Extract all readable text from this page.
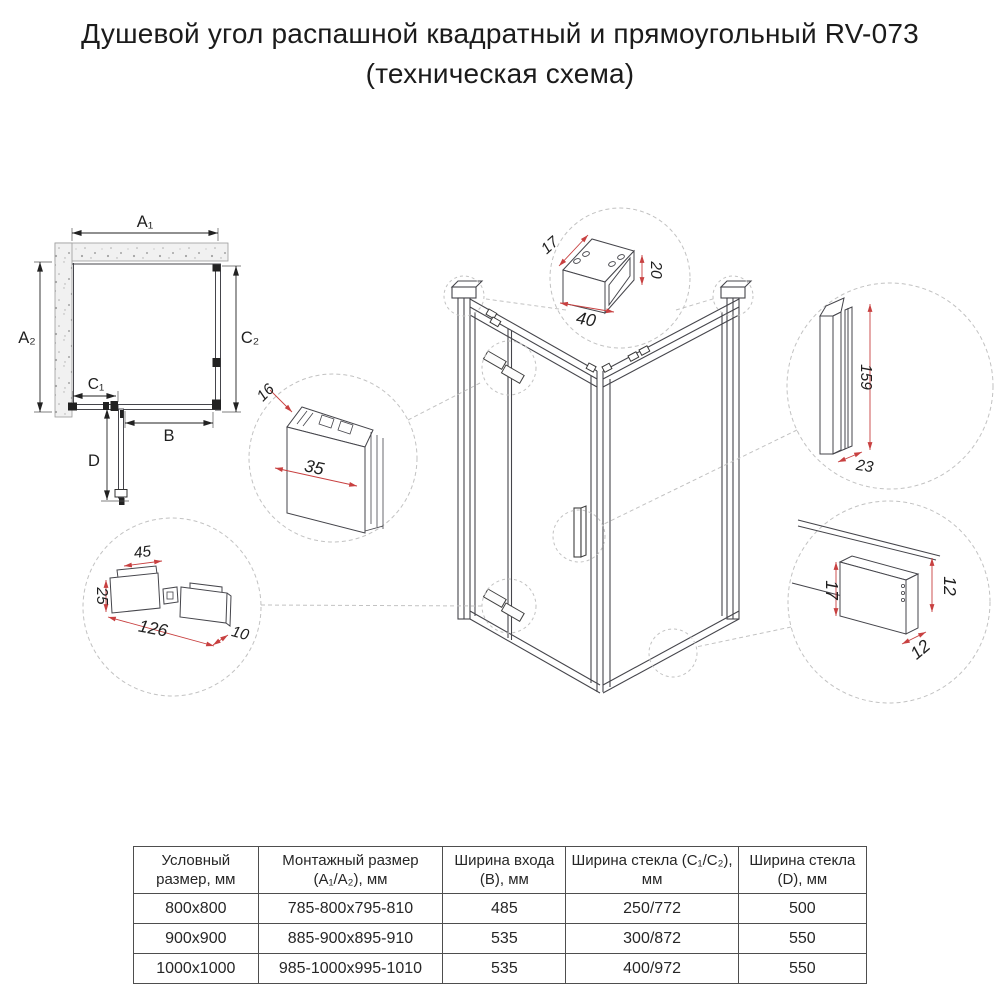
Душевой угол распашной квадратный и прямоугольный RV-073
(техническая схема)
A₁
A₂	C₂
C₁
B
D
17
40
20
16
35
45
25
126	10
159
23
17	12
12
Условный размер, мм	Монтажный размер (A₁/A₂), мм	Ширина входа (B), мм	Ширина стекла (C₁/C₂), мм	Ширина стекла (D), мм
800x800	785-800x795-810	485	250/772	500
900x900	885-900x895-910	535	300/872	550
1000x1000	985-1000x995-1010	535	400/972	550
